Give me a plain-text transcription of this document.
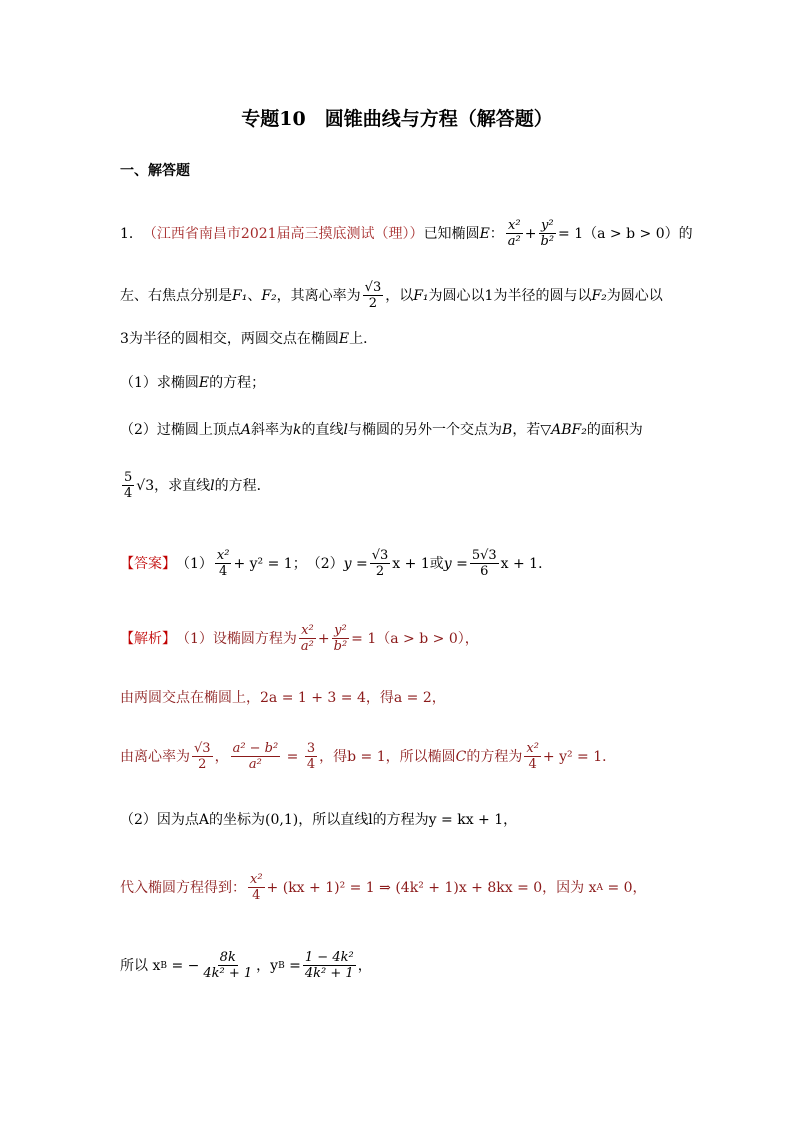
专题10　圆锥曲线与方程（解答题）
一、解答题
1． （江西省南昌市2021届高三摸底测试（理）） 已知椭圆 E ： $\frac{\text{x²}}{\text{a²}} + \frac{\text{y²}}{\text{b²}} = 1$ （a > b > 0）的
左、右焦点分别是 F₁ 、 F₂ ，其离心率为 $\frac{√3}{2}$ ，以 F₁ 为圆心以1为半径的圆与以 F₂ 为圆心以
3为半径的圆相交，两圆交点在椭圆 E 上．
（1）求椭圆 E 的方程；
（2）过椭圆上顶点 A 斜率为 k 的直线 l 与椭圆的另外一个交点为 B ，若 ▽ABF₂ 的面积为
$\frac{5}{4} √3$ ，求直线 l 的方程．
【答案】 $(1) \frac{\text{x²}}{4} + y^2 = 1$； （2） $y = \frac{√3}{2}$ x + 1或 $y = \frac{5√3}{6}$ x + 1．
【解析】 （1）设椭圆方程为 $\frac{\text{x²}}{\text{a²}} + \frac{\text{y²}}{\text{b²}} = 1(a > b > 0)$，
由两圆交点在椭圆上，2a = 1 + 3 = 4，得a = 2，
由离心率为 $\frac{√3}{2}$ ， $\frac{\text{a² − b²}}{\text{a²}} = \frac{3}{4}$ ，得b = 1，所以椭圆 C 的方程为 $\frac{\text{x²}}{4} + y^2 = 1$．
（2）因为点A的坐标为(0,1)，所以直线l的方程为y = kx + 1，
代入椭圆方程得到： $\frac{\text{x²}}{4} + (kx + 1)^2 = 1$ ⇒ (4k² + 1)x + 8kx = 0，因为 x A
= 0，
所以 x B
= − $\frac{8k}{\text{4k² + 1}}$ ，y B
= $\frac{\text{1 − 4k²}}{\text{4k² + 1}}$ ，
